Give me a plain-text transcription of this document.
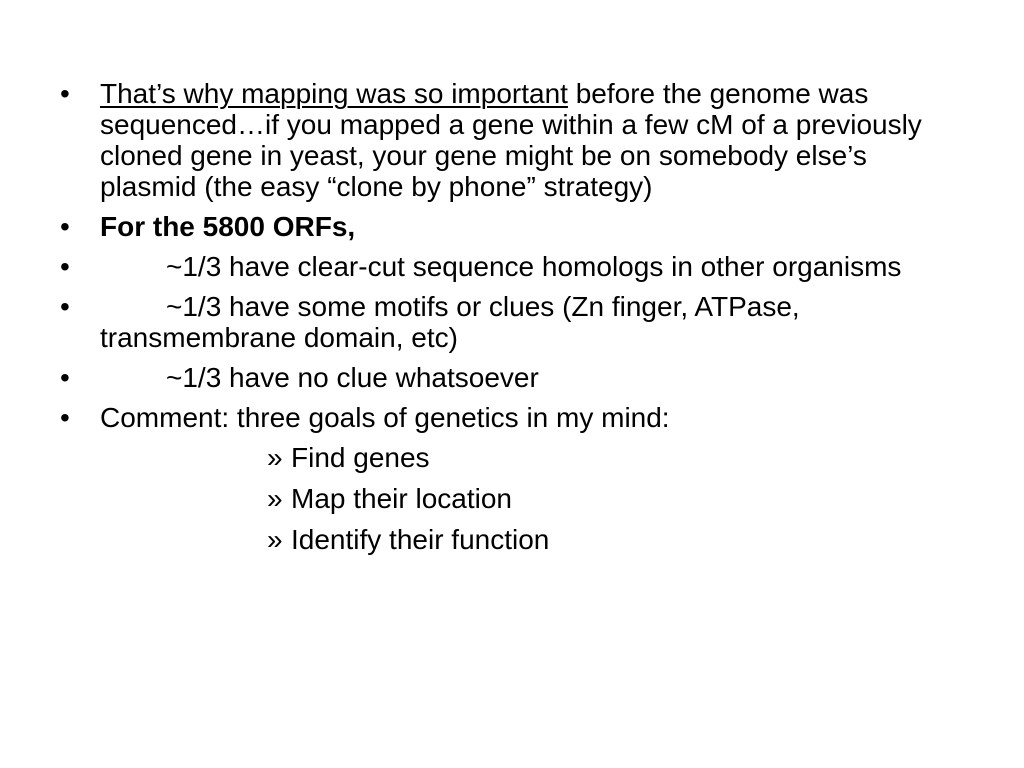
•	That’s why mapping was so important before the genome was sequenced…if you mapped a gene within a few cM of a previously cloned gene in yeast, your gene might be on somebody else’s plasmid (the easy “clone by phone” strategy)
•	For the 5800 ORFs,
•	~1/3 have clear-cut sequence homologs in other organisms
•	~1/3 have some motifs or clues (Zn finger, ATPase, transmembrane domain, etc)
•	~1/3 have no clue whatsoever
•	Comment: three goals of genetics in my mind:
» Find genes
» Map their location
» Identify their function
